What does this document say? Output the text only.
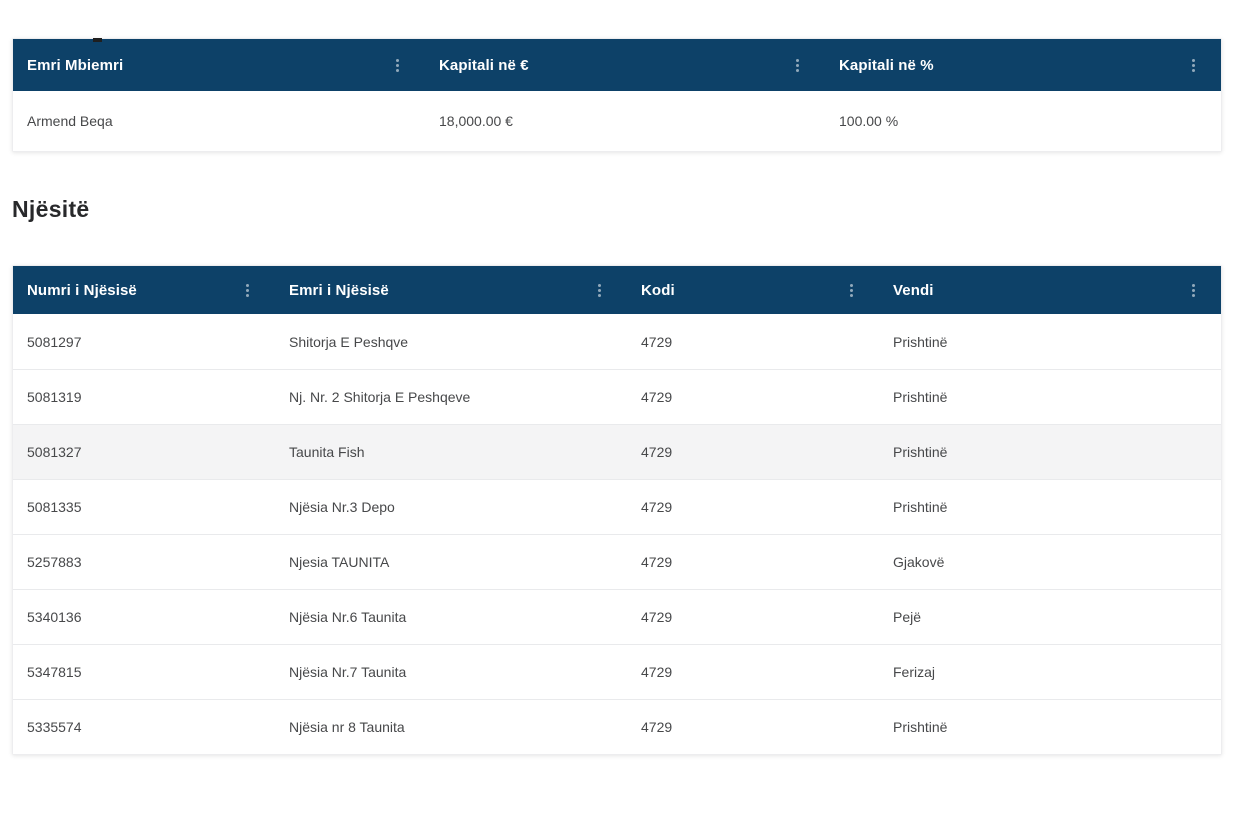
Emri Mbiemri	Kapitali në €	Kapitali në %
Armend Beqa	18,000.00 €	100.00 %
Njësitë
Numri i Njësisë	Emri i Njësisë	Kodi	Vendi
5081297	Shitorja E Peshqve	4729	Prishtinë
5081319	Nj. Nr. 2 Shitorja E Peshqeve	4729	Prishtinë
5081327	Taunita Fish	4729	Prishtinë
5081335	Njësia Nr.3 Depo	4729	Prishtinë
5257883	Njesia TAUNITA	4729	Gjakovë
5340136	Njësia Nr.6 Taunita	4729	Pejë
5347815	Njësia Nr.7 Taunita	4729	Ferizaj
5335574	Njësia nr 8 Taunita	4729	Prishtinë
